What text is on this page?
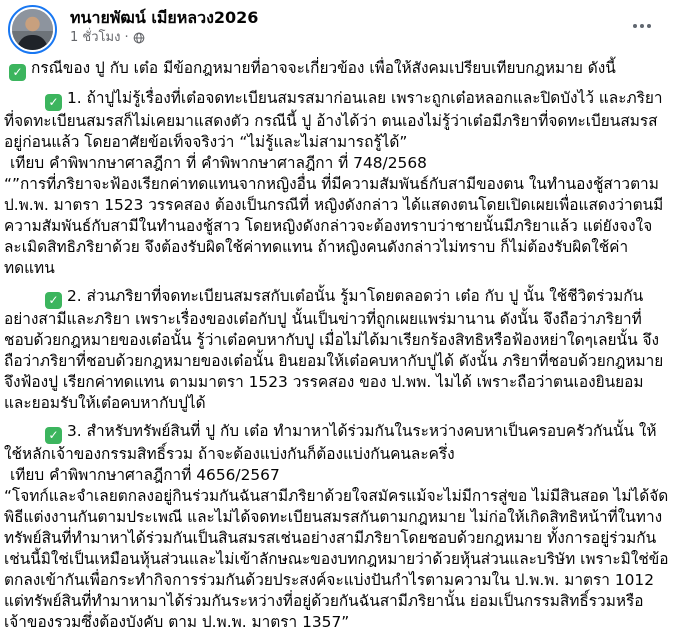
ทนายพัฒน์ เมียหลวง2026
1 ชั่วโมง ·
✓ กรณีของ ปู กับ เต๋อ มีข้อกฎหมายที่อาจจะเกี่ยวข้อง เพื่อให้สังคมเปรียบเทียบกฎหมาย ดังนี้
✓ 1. ถ้าปูไม่รู้เรื่องที่เต๋อจดทะเบียนสมรสมาก่อนเลย เพราะถูกเต๋อหลอกและปิดบังไว้ และภริยาที่จดทะเบียนสมรสก็ไม่เคยมาแสดงตัว กรณีนี้ ปู อ้างได้ว่า ตนเองไม่รู้ว่าเต๋อมีภริยาที่จดทะเบียนสมรสอยู่ก่อนแล้ว โดยอาศัยข้อเท็จจริงว่า “ไม่รู้และไม่สามารถรู้ได้”
เทียบ คำพิพากษาศาลฎีกา ที่ คำพิพากษาศาลฎีกา ที่ 748/2568
“”การที่ภริยาจะฟ้องเรียกค่าทดแทนจากหญิงอื่น ที่มีความสัมพันธ์กับสามีของตน ในทำนองชู้สาวตาม ป.พ.พ. มาตรา 1523 วรรคสอง ต้องเป็นกรณีที่ หญิงดังกล่าว ได้แสดงตนโดยเปิดเผยเพื่อแสดงว่าตนมีความสัมพันธ์กับสามีในทำนองชู้สาว โดยหญิงดังกล่าวจะต้องทราบว่าชายนั้นมีภริยาแล้ว แต่ยังจงใจละเมิดสิทธิภริยาด้วย จึงต้องรับผิดใช้ค่าทดแทน ถ้าหญิงคนดังกล่าวไม่ทราบ ก็ไม่ต้องรับผิดใช้ค่าทดแทน
✓ 2. ส่วนภริยาที่จดทะเบียนสมรสกับเต๋อนั้น รู้มาโดยตลอดว่า เต๋อ กับ ปู นั้น ใช้ชีวิตร่วมกันอย่างสามีและภริยา เพราะเรื่องของเต๋อกับปู นั้นเป็นข่าวที่ถูกเผยแพร่มานาน ดังนั้น จึงถือว่าภริยาที่ชอบด้วยกฎหมายของเต๋อนั้น รู้ว่าเต๋อคบหากับปู เมื่อไม่ได้มาเรียกร้องสิทธิหรือฟ้องหย่าใดๆเลยนั้น จึงถือว่าภริยาที่ชอบด้วยกฎหมายของเต๋อนั้น ยินยอมให้เต๋อคบหากับปูได้ ดังนั้น ภริยาที่ชอบด้วยกฎหมาย จึงฟ้องปู เรียกค่าทดแทน ตามมาตรา 1523 วรรคสอง ของ ป.พพ. ไมได้ เพราะถือว่าตนเองยินยอมและยอมรับให้เต๋อคบหากับปูได้
✓ 3. สำหรับทรัพย์สินที่ ปู กับ เต๋อ ทำมาหาได้ร่วมกันในระหว่างคบหาเป็นครอบครัวกันนั้น ให้ใช้หลักเจ้าของกรรมสิทธิ์รวม ถ้าจะต้องแบ่งกันก็ต้องแบ่งกันคนละครึ่ง
เทียบ คำพิพากษาศาลฎีกาที่ 4656/2567
“โจทก์และจำเลยตกลงอยู่กินร่วมกันฉันสามีภริยาด้วยใจสมัครแม้จะไม่มีการสู่ขอ ไม่มีสินสอด ไม่ได้จัดพิธีแต่งงานกันตามประเพณี และไม่ได้จดทะเบียนสมรสกันตามกฎหมาย ไม่ก่อให้เกิดสิทธิหน้าที่ในทางทรัพย์สินที่ทำมาหาได้ร่วมกันเป็นสินสมรสเช่นอย่างสามีภริยาโดยชอบด้วยกฎหมาย ทั้งการอยู่ร่วมกันเช่นนี้มิใช่เป็นเหมือนหุ้นส่วนและไม่เข้าลักษณะของบทกฎหมายว่าด้วยหุ้นส่วนและบริษัท เพราะมิใช่ข้อตกลงเข้ากันเพื่อกระทำกิจการร่วมกันด้วยประสงค์จะแบ่งปันกำไรตามความใน ป.พ.พ. มาตรา 1012 แต่ทรัพย์สินที่ทำมาหามาได้ร่วมกันระหว่างที่อยู่ด้วยกันฉันสามีภริยานั้น ย่อมเป็นกรรมสิทธิ์รวมหรือเจ้าของรวมซึ่งต้องบังคับ ตาม ป.พ.พ. มาตรา 1357”
